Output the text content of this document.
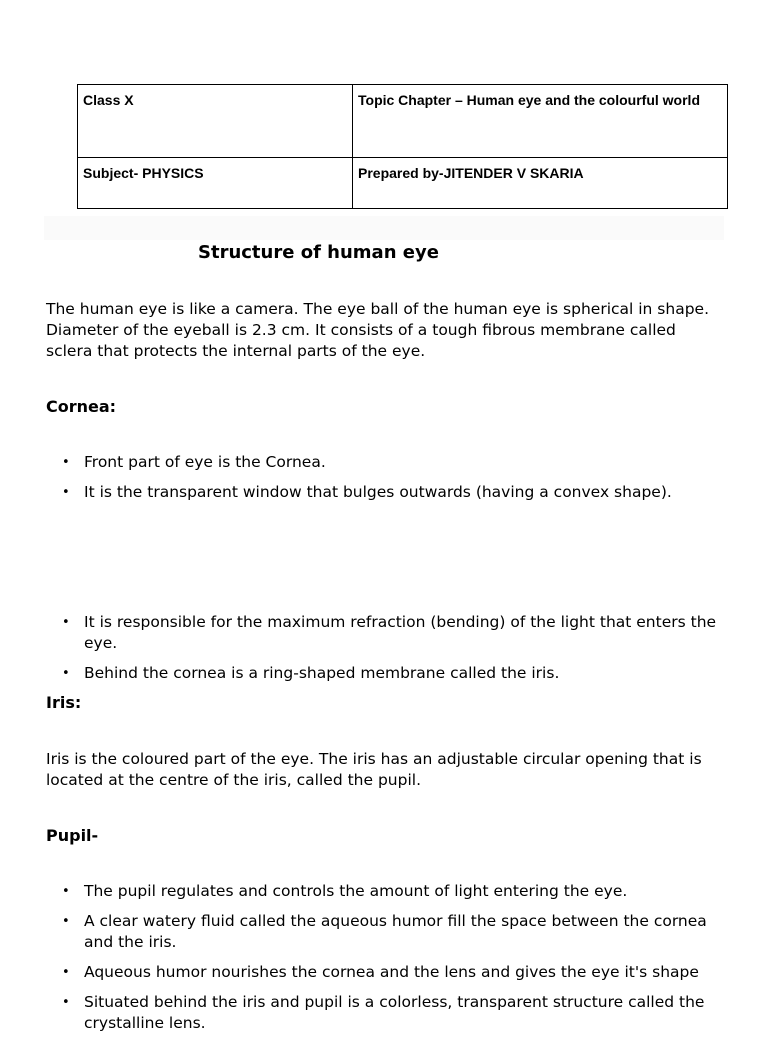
Class X	Topic Chapter – Human eye and the colourful world
Subject- PHYSICS	Prepared by-JITENDER V SKARIA
Structure of human eye

The human eye is like a camera. The eye ball of the human eye is spherical in shape. Diameter of the eyeball is 2.3 cm. It consists of a tough fibrous membrane called sclera that protects the internal parts of the eye.

Cornea:
• Front part of eye is the Cornea.
• It is the transparent window that bulges outwards (having a convex shape).
• It is responsible for the maximum refraction (bending) of the light that enters the eye.
• Behind the cornea is a ring-shaped membrane called the iris.
Iris:

Iris is the coloured part of the eye. The iris has an adjustable circular opening that is located at the centre of the iris, called the pupil.

Pupil-
• The pupil regulates and controls the amount of light entering the eye.
• A clear watery fluid called the aqueous humor fill the space between the cornea and the iris.
• Aqueous humor nourishes the cornea and the lens and gives the eye it's shape
• Situated behind the iris and pupil is a colorless, transparent structure called the crystalline lens.
